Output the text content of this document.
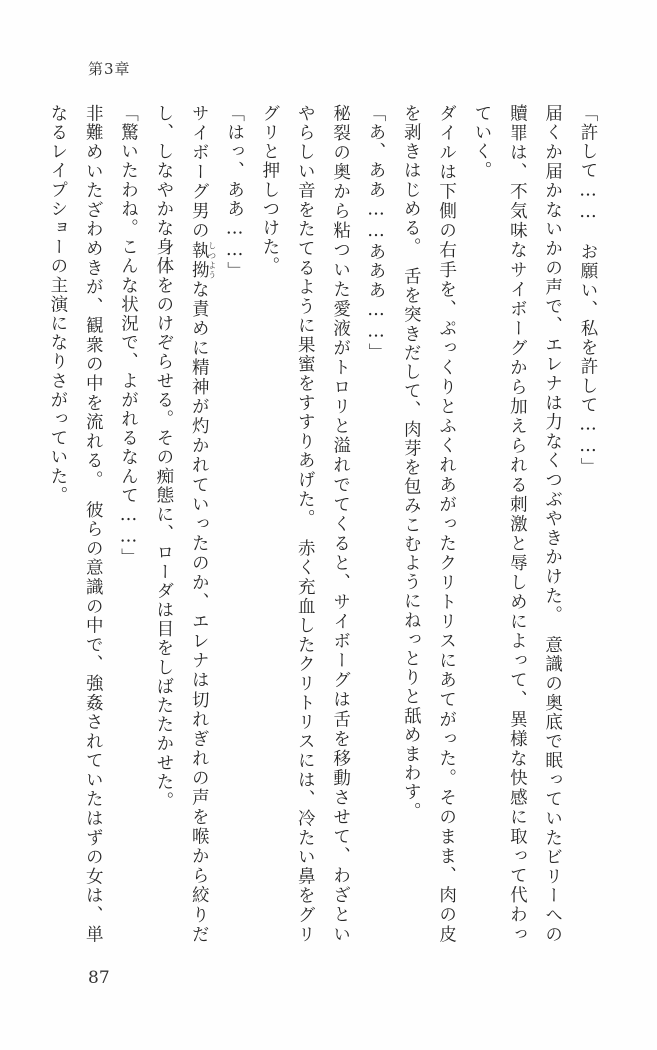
第3章

「許して……　お願い、私を許して……」

届くか届かないかの声で、エレナは力なくつぶやきかけた。　意識の奥底で眠っていたビリーへの贖罪は、不気味なサイボーグから加えられる刺激と辱しめによって、異様な快感に取って代わっていく。

ダイルは下側の右手を、ぷっくりとふくれあがったクリトリスにあてがった。そのまま、肉の皮を剥きはじめる。　舌を突きだして、肉芽を包みこむようにねっとりと舐めまわす。

「あ、ああ……あああ……」

秘裂の奥から粘ついた愛液がトロリと溢れでてくると、サイボーグは舌を移動させて、わざといやらしい音をたてるように果蜜をすすりあげた。　赤く充血したクリトリスには、冷たい鼻をグリグリと押しつけた。

「はっ、ああ……」

サイボーグ男の執拗しつような責めに精神が灼かれていったのか、エレナは切れぎれの声を喉から絞りだし、しなやかな身体をのけぞらせる。その痴態に、ローダは目をしばたたかせた。

「驚いたわね。こんな状況で、よがれるなんて……」

非難めいたざわめきが、観衆の中を流れる。　彼らの意識の中で、強姦されていたはずの女は、単なるレイプショーの主演になりさがっていた。

87
